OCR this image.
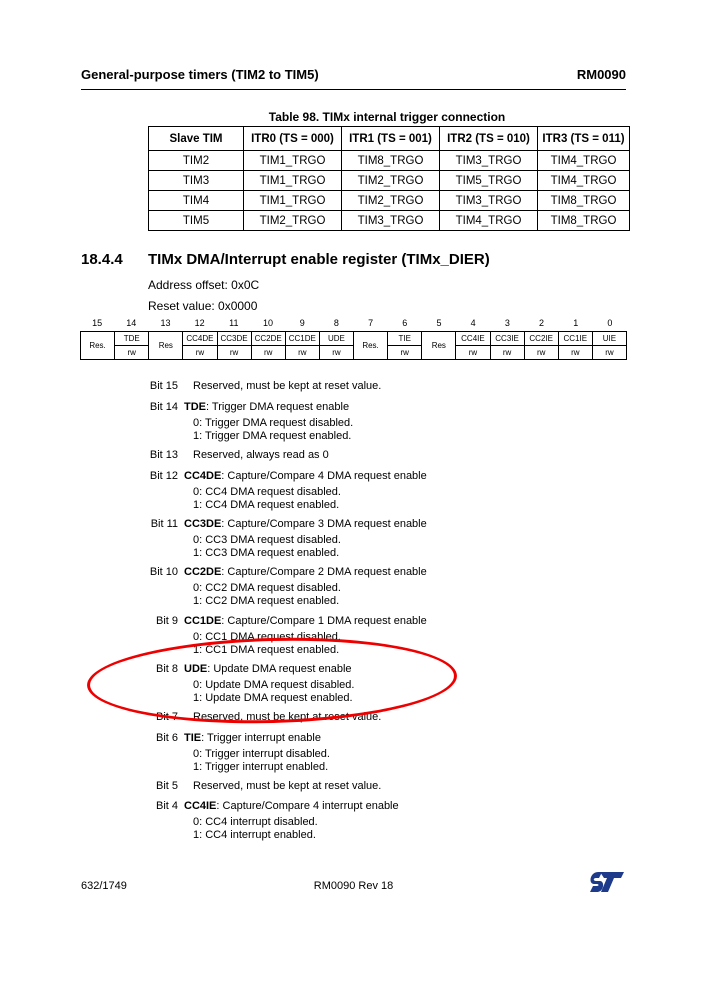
General-purpose timers (TIM2 to TIM5)	RM0090
Table 98. TIMx internal trigger connection
Slave TIM	ITR0 (TS = 000)	ITR1 (TS = 001)	ITR2 (TS = 010)	ITR3 (TS = 011)
TIM2	TIM1_TRGO	TIM8_TRGO	TIM3_TRGO	TIM4_TRGO
TIM3	TIM1_TRGO	TIM2_TRGO	TIM5_TRGO	TIM4_TRGO
TIM4	TIM1_TRGO	TIM2_TRGO	TIM3_TRGO	TIM8_TRGO
TIM5	TIM2_TRGO	TIM3_TRGO	TIM4_TRGO	TIM8_TRGO
18.4.4 TIMx DMA/Interrupt enable register (TIMx_DIER)
Address offset: 0x0C
Reset value: 0x0000
15	14	13	12	11	10	9	8	7	6	5	4	3	2	1	0
Res.	TDE	Res	CC4DE	CC3DE	CC2DE	CC1DE	UDE	Res.	TIE	Res	CC4IE	CC3IE	CC2IE	CC1IE	UIE
	rw		rw	rw	rw	rw	rw		rw		rw	rw	rw	rw	rw
Bit 15 Reserved, must be kept at reset value.
Bit 14 TDE: Trigger DMA request enable
0: Trigger DMA request disabled.
1: Trigger DMA request enabled.
Bit 13 Reserved, always read as 0
Bit 12 CC4DE: Capture/Compare 4 DMA request enable
0: CC4 DMA request disabled.
1: CC4 DMA request enabled.
Bit 11 CC3DE: Capture/Compare 3 DMA request enable
0: CC3 DMA request disabled.
1: CC3 DMA request enabled.
Bit 10 CC2DE: Capture/Compare 2 DMA request enable
0: CC2 DMA request disabled.
1: CC2 DMA request enabled.
Bit 9 CC1DE: Capture/Compare 1 DMA request enable
0: CC1 DMA request disabled.
1: CC1 DMA request enabled.
Bit 8 UDE: Update DMA request enable
0: Update DMA request disabled.
1: Update DMA request enabled.
Bit 7 Reserved, must be kept at reset value.
Bit 6 TIE: Trigger interrupt enable
0: Trigger interrupt disabled.
1: Trigger interrupt enabled.
Bit 5 Reserved, must be kept at reset value.
Bit 4 CC4IE: Capture/Compare 4 interrupt enable
0: CC4 interrupt disabled.
1: CC4 interrupt enabled.
632/1749	RM0090 Rev 18
